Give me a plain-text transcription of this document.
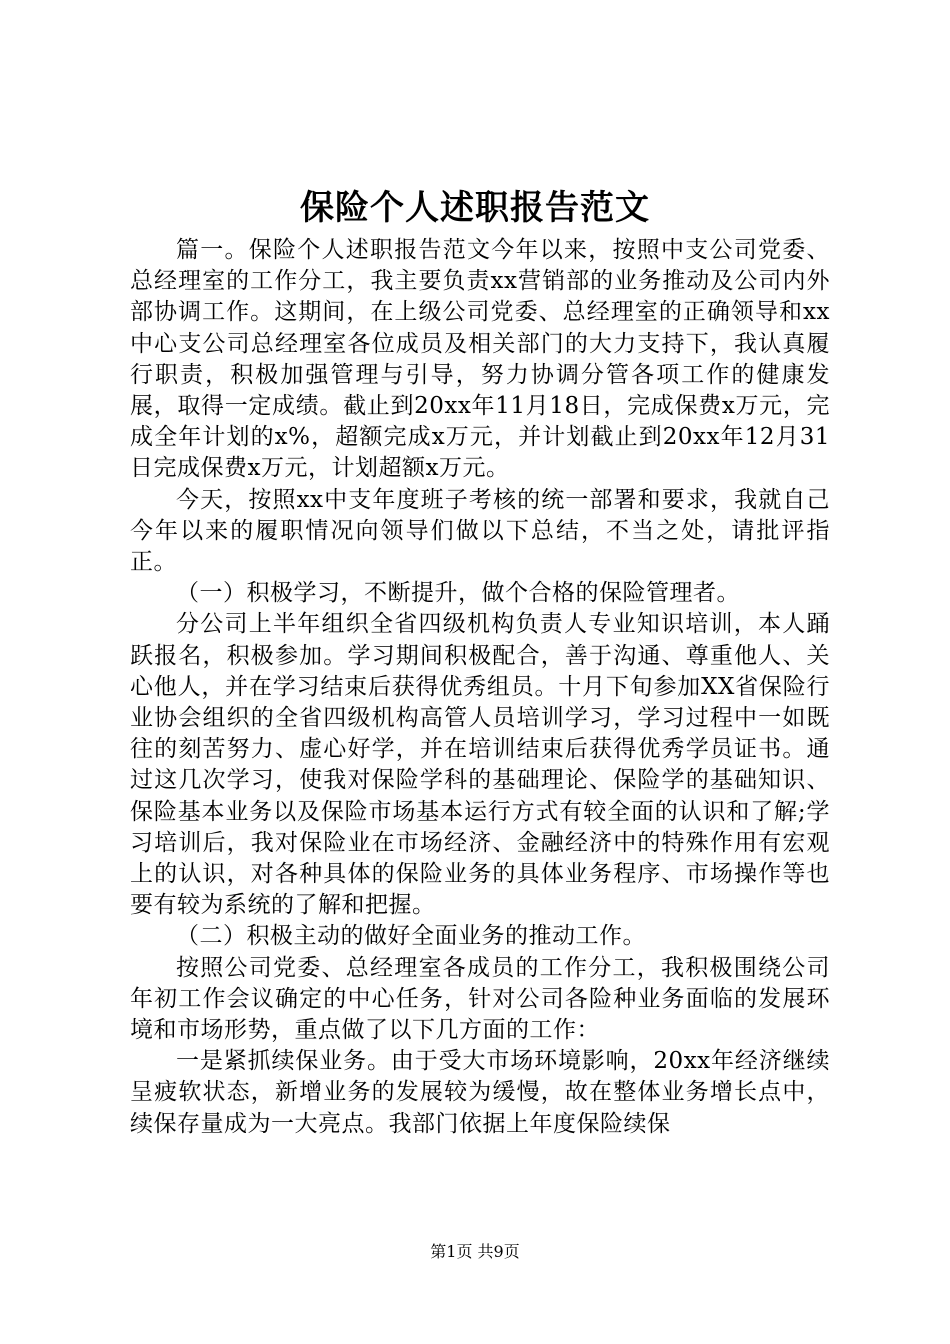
保险个人述职报告范文

篇一。保险个人述职报告范文今年以来，按照中支公司党委、总经理室的工作分工，我主要负责xx营销部的业务推动及公司内外部协调工作。这期间，在上级公司党委、总经理室的正确领导和xx中心支公司总经理室各位成员及相关部门的大力支持下，我认真履行职责，积极加强管理与引导，努力协调分管各项工作的健康发展，取得一定成绩。截止到20xx年11月18日，完成保费x万元，完成全年计划的x%，超额完成x万元，并计划截止到20xx年12月31日完成保费x万元，计划超额x万元。

今天，按照xx中支年度班子考核的统一部署和要求，我就自己今年以来的履职情况向领导们做以下总结，不当之处，请批评指正。

（一）积极学习，不断提升，做个合格的保险管理者。

分公司上半年组织全省四级机构负责人专业知识培训，本人踊跃报名，积极参加。学习期间积极配合，善于沟通、尊重他人、关心他人，并在学习结束后获得优秀组员。十月下旬参加XX省保险行业协会组织的全省四级机构高管人员培训学习，学习过程中一如既往的刻苦努力、虚心好学，并在培训结束后获得优秀学员证书。通过这几次学习，使我对保险学科的基础理论、保险学的基础知识、保险基本业务以及保险市场基本运行方式有较全面的认识和了解;学习培训后，我对保险业在市场经济、金融经济中的特殊作用有宏观上的认识，对各种具体的保险业务的具体业务程序、市场操作等也要有较为系统的了解和把握。

（二）积极主动的做好全面业务的推动工作。

按照公司党委、总经理室各成员的工作分工，我积极围绕公司年初工作会议确定的中心任务，针对公司各险种业务面临的发展环境和市场形势，重点做了以下几方面的工作：

一是紧抓续保业务。由于受大市场环境影响，20xx年经济继续呈疲软状态，新增业务的发展较为缓慢，故在整体业务增长点中，续保存量成为一大亮点。我部门依据上年度保险续保

第1页 共9页
